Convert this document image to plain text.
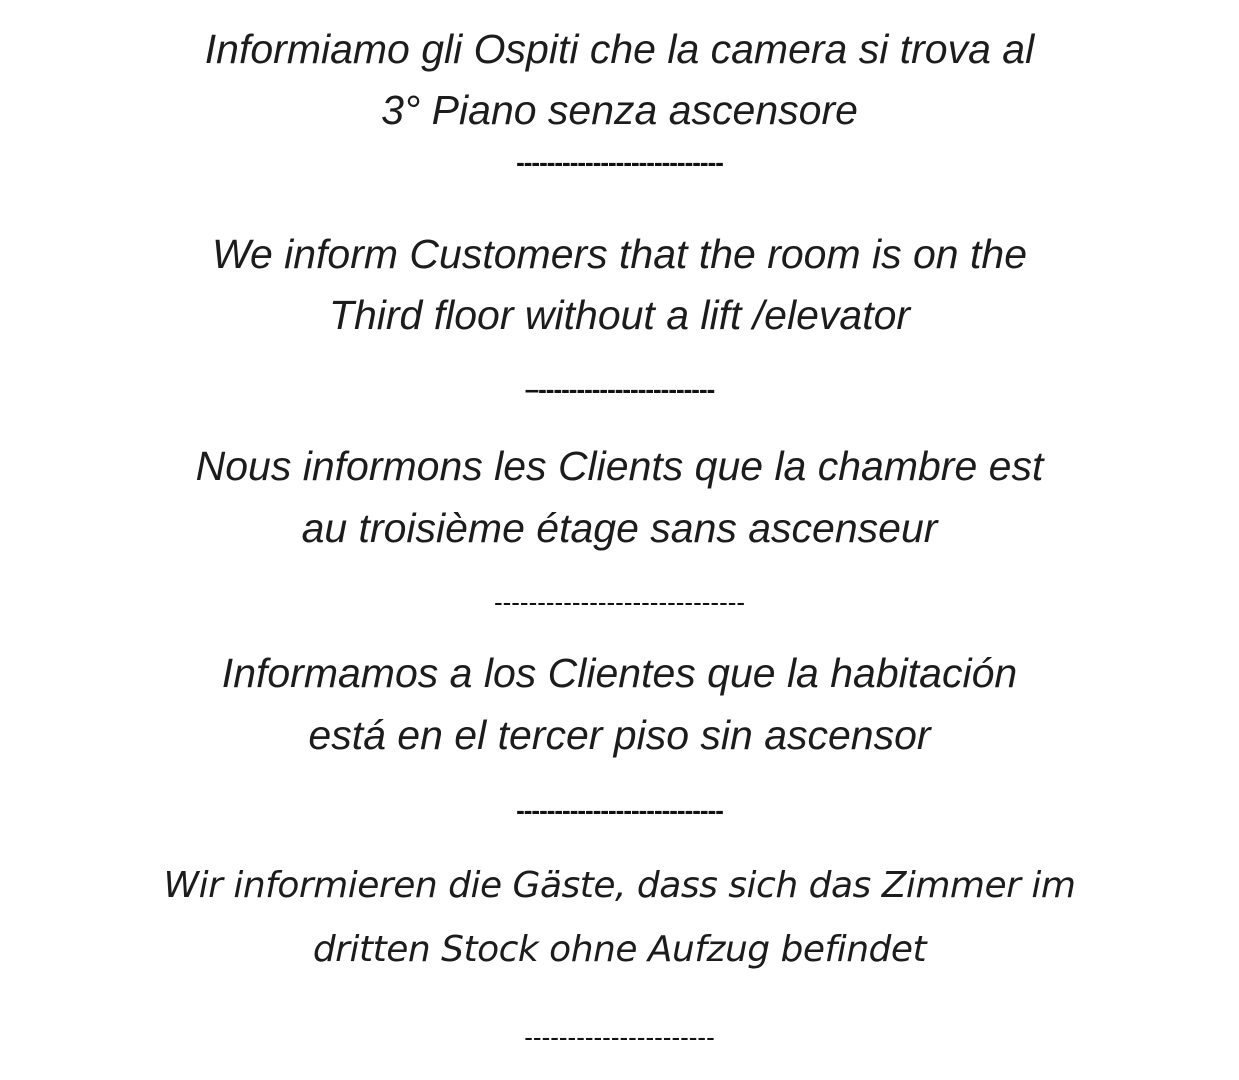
Informiamo gli Ospiti che la camera si trova al
3° Piano senza ascensore
---------------------------
We inform Customers that the room is on the
Third floor without a lift /elevator
–-----------------------
Nous informons les Clients que la chambre est
au troisième étage sans ascenseur
-----------------------------
Informamos a los Clientes que la habitación
está en el tercer piso sin ascensor
---------------------------
Wir informieren die Gäste, dass sich das Zimmer im
dritten Stock ohne Aufzug befindet
----------------------
